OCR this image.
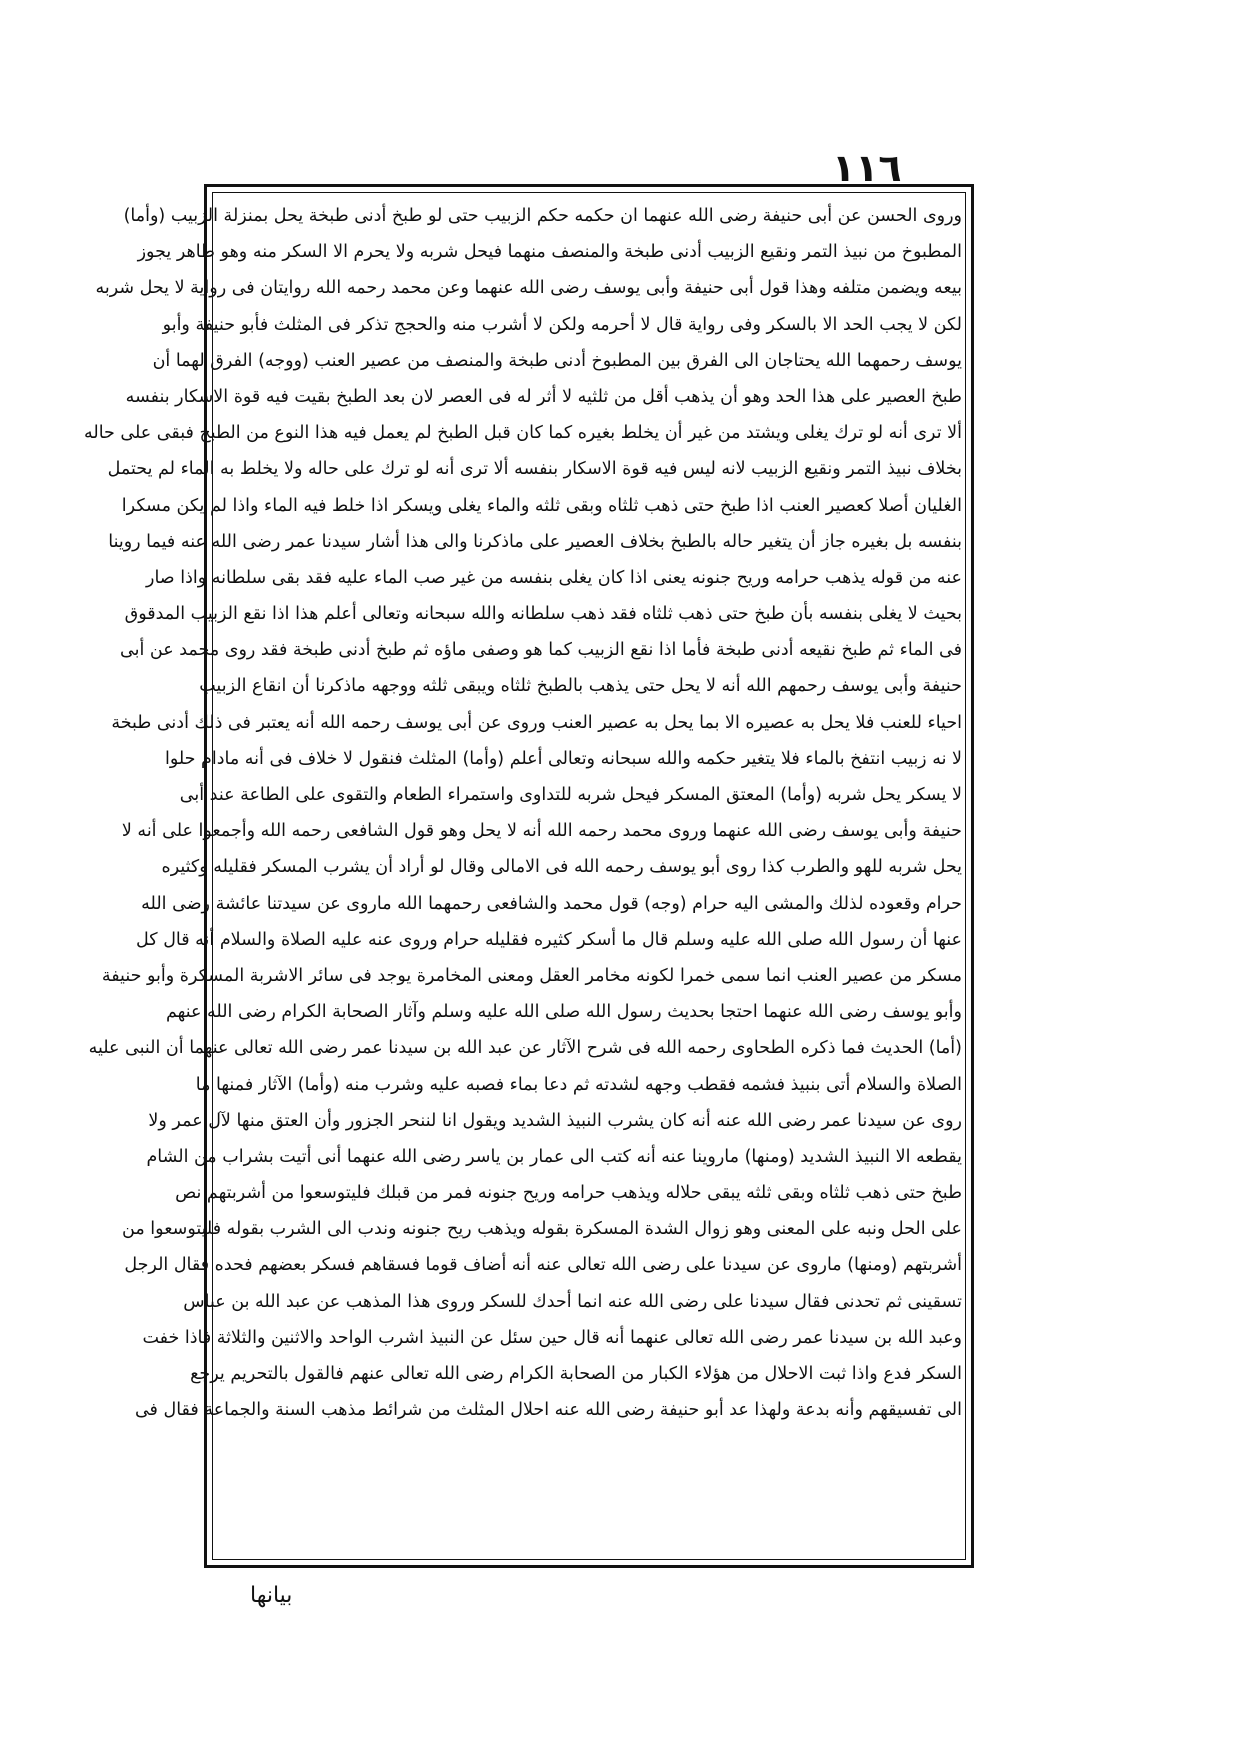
١١٦
وروى الحسن عن أبى حنيفة رضى الله عنهما ان حكمه حكم الزبيب حتى لو طبخ أدنى طبخة يحل بمنزلة الزبيب (وأما)
المطبوخ من نبيذ التمر ونقيع الزبيب أدنى طبخة والمنصف منهما فيحل شربه ولا يحرم الا السكر منه وهو طاهر يجوز
بيعه ويضمن متلفه وهذا قول أبى حنيفة وأبى يوسف رضى الله عنهما وعن محمد رحمه الله روايتان فى رواية لا يحل شربه
لكن لا يجب الحد الا بالسكر وفى رواية قال لا أحرمه ولكن لا أشرب منه والحجج تذكر فى المثلث فأبو حنيفة وأبو
يوسف رحمهما الله يحتاجان الى الفرق بين المطبوخ أدنى طبخة والمنصف من عصير العنب (ووجه) الفرق لهما أن
طبخ العصير على هذا الحد وهو أن يذهب أقل من ثلثيه لا أثر له فى العصر لان بعد الطبخ بقيت فيه قوة الاسكار بنفسه
ألا ترى أنه لو ترك يغلى ويشتد من غير أن يخلط بغيره كما كان قبل الطبخ لم يعمل فيه هذا النوع من الطبخ فبقى على حاله
بخلاف نبيذ التمر ونقيع الزبيب لانه ليس فيه قوة الاسكار بنفسه ألا ترى أنه لو ترك على حاله ولا يخلط به الماء لم يحتمل
الغليان أصلا كعصير العنب اذا طبخ حتى ذهب ثلثاه وبقى ثلثه والماء يغلى ويسكر اذا خلط فيه الماء واذا لم يكن مسكرا
بنفسه بل بغيره جاز أن يتغير حاله بالطبخ بخلاف العصير على ماذكرنا والى هذا أشار سيدنا عمر رضى الله عنه فيما روينا
عنه من قوله يذهب حرامه وريح جنونه يعنى اذا كان يغلى بنفسه من غير صب الماء عليه فقد بقى سلطانه واذا صار
بحيث لا يغلى بنفسه بأن طبخ حتى ذهب ثلثاه فقد ذهب سلطانه والله سبحانه وتعالى أعلم هذا اذا نقع الزبيب المدقوق
فى الماء ثم طبخ نقيعه أدنى طبخة فأما اذا نقع الزبيب كما هو وصفى ماؤه ثم طبخ أدنى طبخة فقد روى محمد عن أبى
حنيفة وأبى يوسف رحمهم الله أنه لا يحل حتى يذهب بالطبخ ثلثاه ويبقى ثلثه ووجهه ماذكرنا أن انقاع الزبيب
احياء للعنب فلا يحل به عصيره الا بما يحل به عصير العنب وروى عن أبى يوسف رحمه الله أنه يعتبر فى ذلك أدنى طبخة
لا نه زبيب انتفخ بالماء فلا يتغير حكمه والله سبحانه وتعالى أعلم (وأما) المثلث فنقول لا خلاف فى أنه مادام حلوا
لا يسكر يحل شربه (وأما) المعتق المسكر فيحل شربه للتداوى واستمراء الطعام والتقوى على الطاعة عند أبى
حنيفة وأبى يوسف رضى الله عنهما وروى محمد رحمه الله أنه لا يحل وهو قول الشافعى رحمه الله وأجمعوا على أنه لا
يحل شربه للهو والطرب كذا روى أبو يوسف رحمه الله فى الامالى وقال لو أراد أن يشرب المسكر فقليله وكثيره
حرام وقعوده لذلك والمشى اليه حرام (وجه) قول محمد والشافعى رحمهما الله ماروى عن سيدتنا عائشة رضى الله
عنها أن رسول الله صلى الله عليه وسلم قال ما أسكر كثيره فقليله حرام وروى عنه عليه الصلاة والسلام أنه قال كل
مسكر من عصير العنب انما سمى خمرا لكونه مخامر العقل ومعنى المخامرة يوجد فى سائر الاشربة المسكرة وأبو حنيفة
وأبو يوسف رضى الله عنهما احتجا بحديث رسول الله صلى الله عليه وسلم وآثار الصحابة الكرام رضى الله عنهم
(أما) الحديث فما ذكره الطحاوى رحمه الله فى شرح الآثار عن عبد الله بن سيدنا عمر رضى الله تعالى عنهما أن النبى عليه
الصلاة والسلام أتى بنبيذ فشمه فقطب وجهه لشدته ثم دعا بماء فصبه عليه وشرب منه (وأما) الآثار فمنها ما
روى عن سيدنا عمر رضى الله عنه أنه كان يشرب النبيذ الشديد ويقول انا لننحر الجزور وأن العتق منها لآل عمر ولا
يقطعه الا النبيذ الشديد (ومنها) ماروينا عنه أنه كتب الى عمار بن ياسر رضى الله عنهما أنى أتيت بشراب من الشام
طبخ حتى ذهب ثلثاه وبقى ثلثه يبقى حلاله ويذهب حرامه وريح جنونه فمر من قبلك فليتوسعوا من أشربتهم نص
على الحل ونبه على المعنى وهو زوال الشدة المسكرة بقوله ويذهب ريح جنونه وندب الى الشرب بقوله فليتوسعوا من
أشربتهم (ومنها) ماروى عن سيدنا على رضى الله تعالى عنه أنه أضاف قوما فسقاهم فسكر بعضهم فحده فقال الرجل
تسقينى ثم تحدنى فقال سيدنا على رضى الله عنه انما أحدك للسكر وروى هذا المذهب عن عبد الله بن عباس
وعبد الله بن سيدنا عمر رضى الله تعالى عنهما أنه قال حين سئل عن النبيذ اشرب الواحد والاثنين والثلاثة فاذا خفت
السكر فدع واذا ثبت الاحلال من هؤلاء الكبار من الصحابة الكرام رضى الله تعالى عنهم فالقول بالتحريم يرجع
الى تفسيقهم وأنه بدعة ولهذا عد أبو حنيفة رضى الله عنه احلال المثلث من شرائط مذهب السنة والجماعة فقال فى
بيانها
